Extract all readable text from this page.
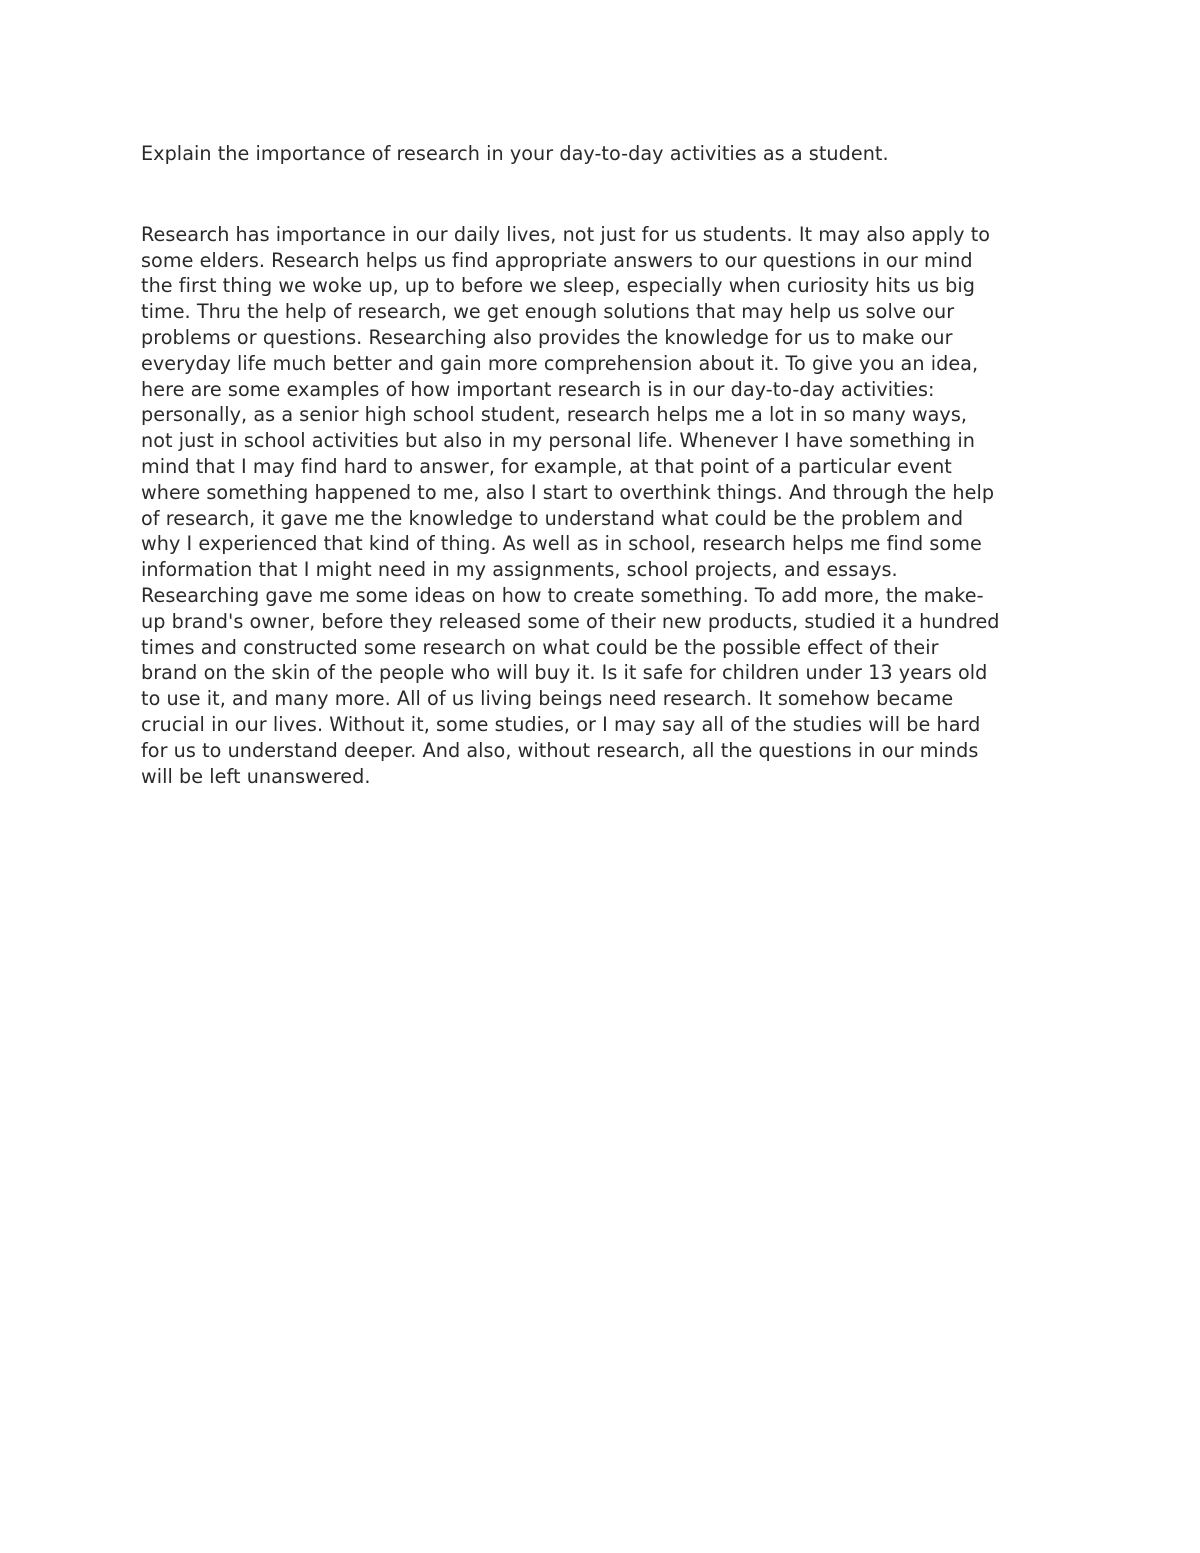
Explain the importance of research in your day-to-day activities as a student.

Research has importance in our daily lives, not just for us students. It may also apply to
some elders. Research helps us find appropriate answers to our questions in our mind
the first thing we woke up, up to before we sleep, especially when curiosity hits us big
time. Thru the help of research, we get enough solutions that may help us solve our
problems or questions. Researching also provides the knowledge for us to make our
everyday life much better and gain more comprehension about it. To give you an idea,
here are some examples of how important research is in our day-to-day activities:
personally, as a senior high school student, research helps me a lot in so many ways,
not just in school activities but also in my personal life. Whenever I have something in
mind that I may find hard to answer, for example, at that point of a particular event
where something happened to me, also I start to overthink things. And through the help
of research, it gave me the knowledge to understand what could be the problem and
why I experienced that kind of thing. As well as in school, research helps me find some
information that I might need in my assignments, school projects, and essays.
Researching gave me some ideas on how to create something. To add more, the make-
up brand's owner, before they released some of their new products, studied it a hundred
times and constructed some research on what could be the possible effect of their
brand on the skin of the people who will buy it. Is it safe for children under 13 years old
to use it, and many more. All of us living beings need research. It somehow became
crucial in our lives. Without it, some studies, or I may say all of the studies will be hard
for us to understand deeper. And also, without research, all the questions in our minds
will be left unanswered.
